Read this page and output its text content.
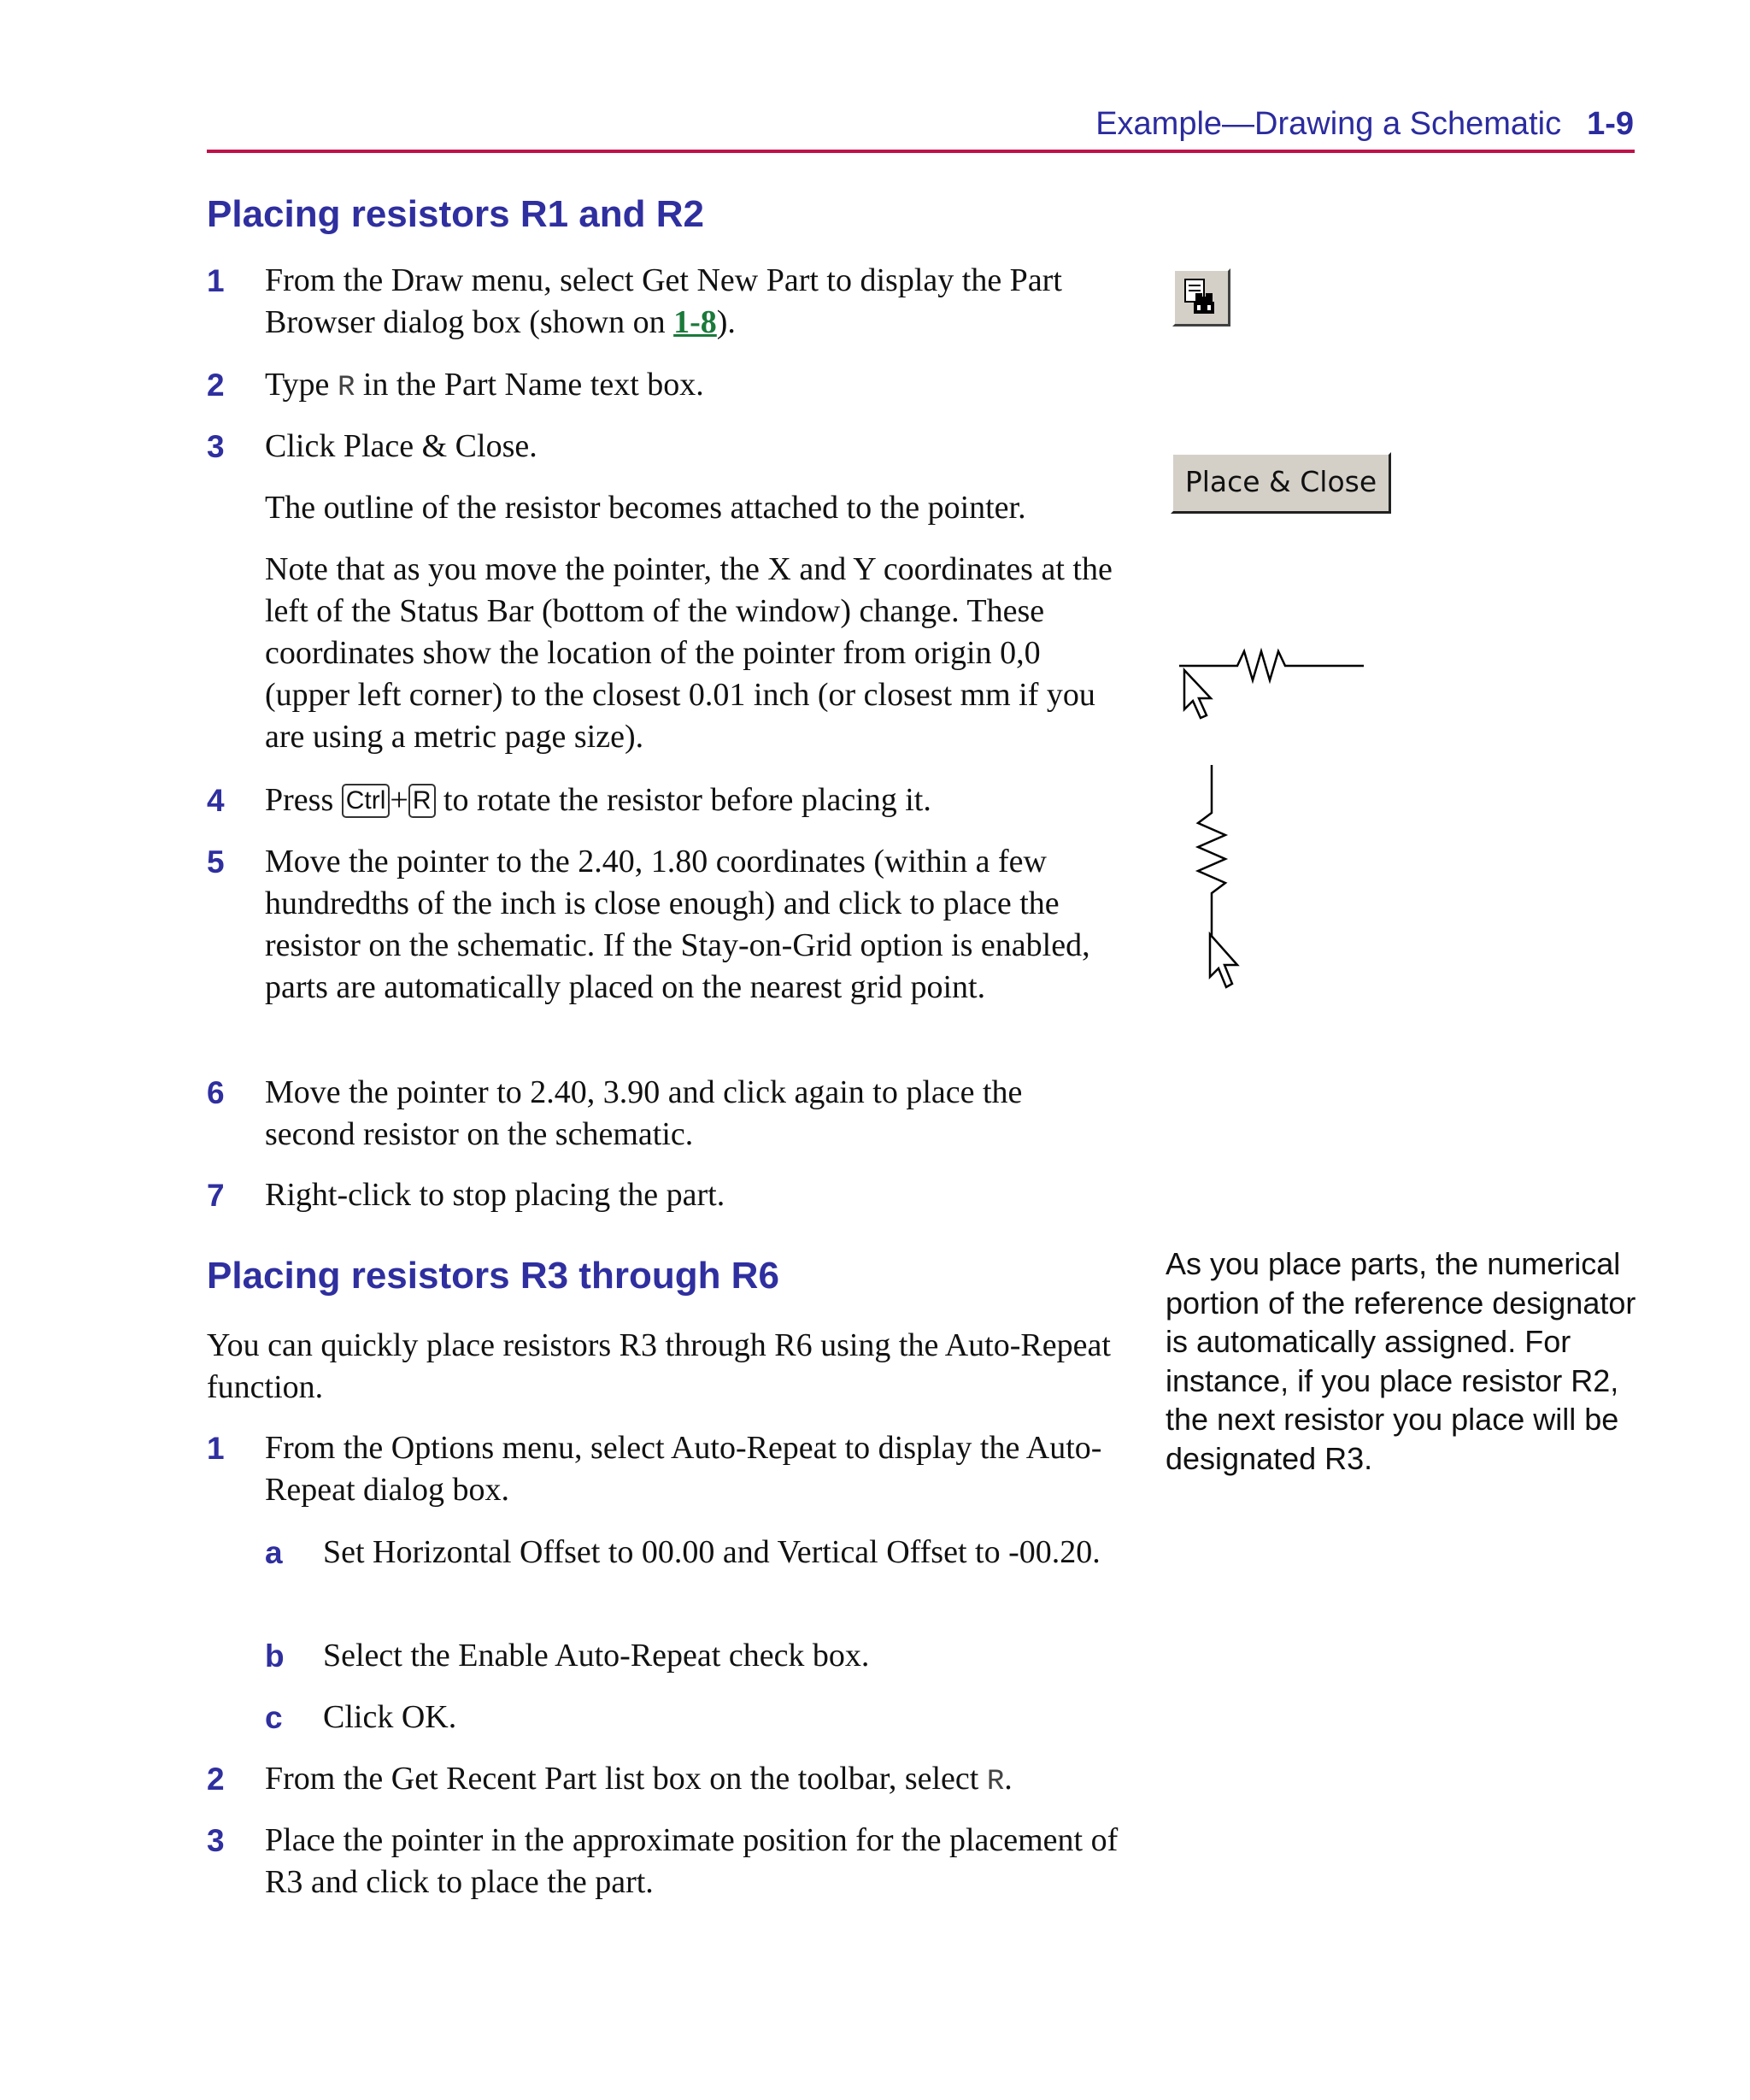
Example—Drawing a Schematic 1-9
Placing resistors R1 and R2
1 From the Draw menu, select Get New Part to display the Part Browser dialog box (shown on 1-8).
2 Type R in the Part Name text box.
3 Click Place & Close.
The outline of the resistor becomes attached to the pointer.
Note that as you move the pointer, the X and Y coordinates at the left of the Status Bar (bottom of the window) change. These coordinates show the location of the pointer from origin 0,0 (upper left corner) to the closest 0.01 inch (or closest mm if you are using a metric page size).
4 Press Ctrl + R to rotate the resistor before placing it.
5 Move the pointer to the 2.40, 1.80 coordinates (within a few hundredths of the inch is close enough) and click to place the resistor on the schematic. If the Stay-on-Grid option is enabled, parts are automatically placed on the nearest grid point.
6 Move the pointer to 2.40, 3.90 and click again to place the second resistor on the schematic.
7 Right-click to stop placing the part.
Placing resistors R3 through R6
You can quickly place resistors R3 through R6 using the Auto-Repeat function.
1 From the Options menu, select Auto-Repeat to display the Auto-Repeat dialog box.
a Set Horizontal Offset to 00.00 and Vertical Offset to -00.20.
b Select the Enable Auto-Repeat check box.
c Click OK.
2 From the Get Recent Part list box on the toolbar, select R.
3 Place the pointer in the approximate position for the placement of R3 and click to place the part.
Place & Close
As you place parts, the numerical portion of the reference designator is automatically assigned. For instance, if you place resistor R2, the next resistor you place will be designated R3.
